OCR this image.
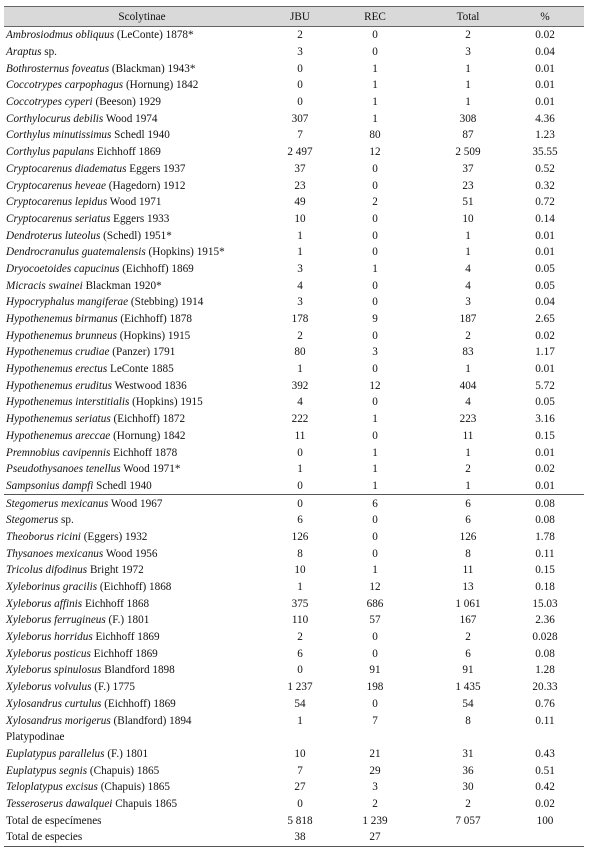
Scolytinae	JBU	REC	Total	%
Ambrosiodmus obliquus (LeConte) 1878*	2	0	2	0.02
Araptus sp.	3	0	3	0.04
Bothrosternus foveatus (Blackman) 1943*	0	1	1	0.01
Coccotrypes carpophagus (Hornung) 1842	0	1	1	0.01
Coccotrypes cyperi (Beeson) 1929	0	1	1	0.01
Corthylocurus debilis Wood 1974	307	1	308	4.36
Corthylus minutissimus Schedl 1940	7	80	87	1.23
Corthylus papulans Eichhoff 1869	2 497	12	2 509	35.55
Cryptocarenus diadematus Eggers 1937	37	0	37	0.52
Cryptocarenus heveae (Hagedorn) 1912	23	0	23	0.32
Cryptocarenus lepidus Wood 1971	49	2	51	0.72
Cryptocarenus seriatus Eggers 1933	10	0	10	0.14
Dendroterus luteolus (Schedl) 1951*	1	0	1	0.01
Dendrocranulus guatemalensis (Hopkins) 1915*	1	0	1	0.01
Dryocoetoides capucinus (Eichhoff) 1869	3	1	4	0.05
Micracis swainei Blackman 1920*	4	0	4	0.05
Hypocryphalus mangiferae (Stebbing) 1914	3	0	3	0.04
Hypothenemus birmanus (Eichhoff) 1878	178	9	187	2.65
Hypothenemus brunneus (Hopkins) 1915	2	0	2	0.02
Hypothenemus crudiae (Panzer) 1791	80	3	83	1.17
Hypothenemus erectus LeConte 1885	1	0	1	0.01
Hypothenemus eruditus Westwood 1836	392	12	404	5.72
Hypothenemus interstitialis (Hopkins) 1915	4	0	4	0.05
Hypothenemus seriatus (Eichhoff) 1872	222	1	223	3.16
Hypothenemus areccae (Hornung) 1842	11	0	11	0.15
Premnobius cavipennis Eichhoff 1878	0	1	1	0.01
Pseudothysanoes tenellus Wood 1971*	1	1	2	0.02
Sampsonius dampfi Schedl 1940	0	1	1	0.01
Stegomerus mexicanus Wood 1967	0	6	6	0.08
Stegomerus sp.	6	0	6	0.08
Theoborus ricini (Eggers) 1932	126	0	126	1.78
Thysanoes mexicanus Wood 1956	8	0	8	0.11
Tricolus difodinus Bright 1972	10	1	11	0.15
Xyleborinus gracilis (Eichhoff) 1868	1	12	13	0.18
Xyleborus affinis Eichhoff 1868	375	686	1 061	15.03
Xyleborus ferrugineus (F.) 1801	110	57	167	2.36
Xyleborus horridus Eichhoff 1869	2	0	2	0.028
Xyleborus posticus Eichhoff 1869	6	0	6	0.08
Xyleborus spinulosus Blandford 1898	0	91	91	1.28
Xyleborus volvulus (F.) 1775	1 237	198	1 435	20.33
Xylosandrus curtulus (Eichhoff) 1869	54	0	54	0.76
Xylosandrus morigerus (Blandford) 1894	1	7	8	0.11
Platypodinae				
Euplatypus parallelus (F.) 1801	10	21	31	0.43
Euplatypus segnis (Chapuis) 1865	7	29	36	0.51
Teloplatypus excisus (Chapuis) 1865	27	3	30	0.42
Tesseroserus dawalquei Chapuis 1865	0	2	2	0.02
Total de especímenes	5 818	1 239	7 057	100
Total de especies	38	27		
